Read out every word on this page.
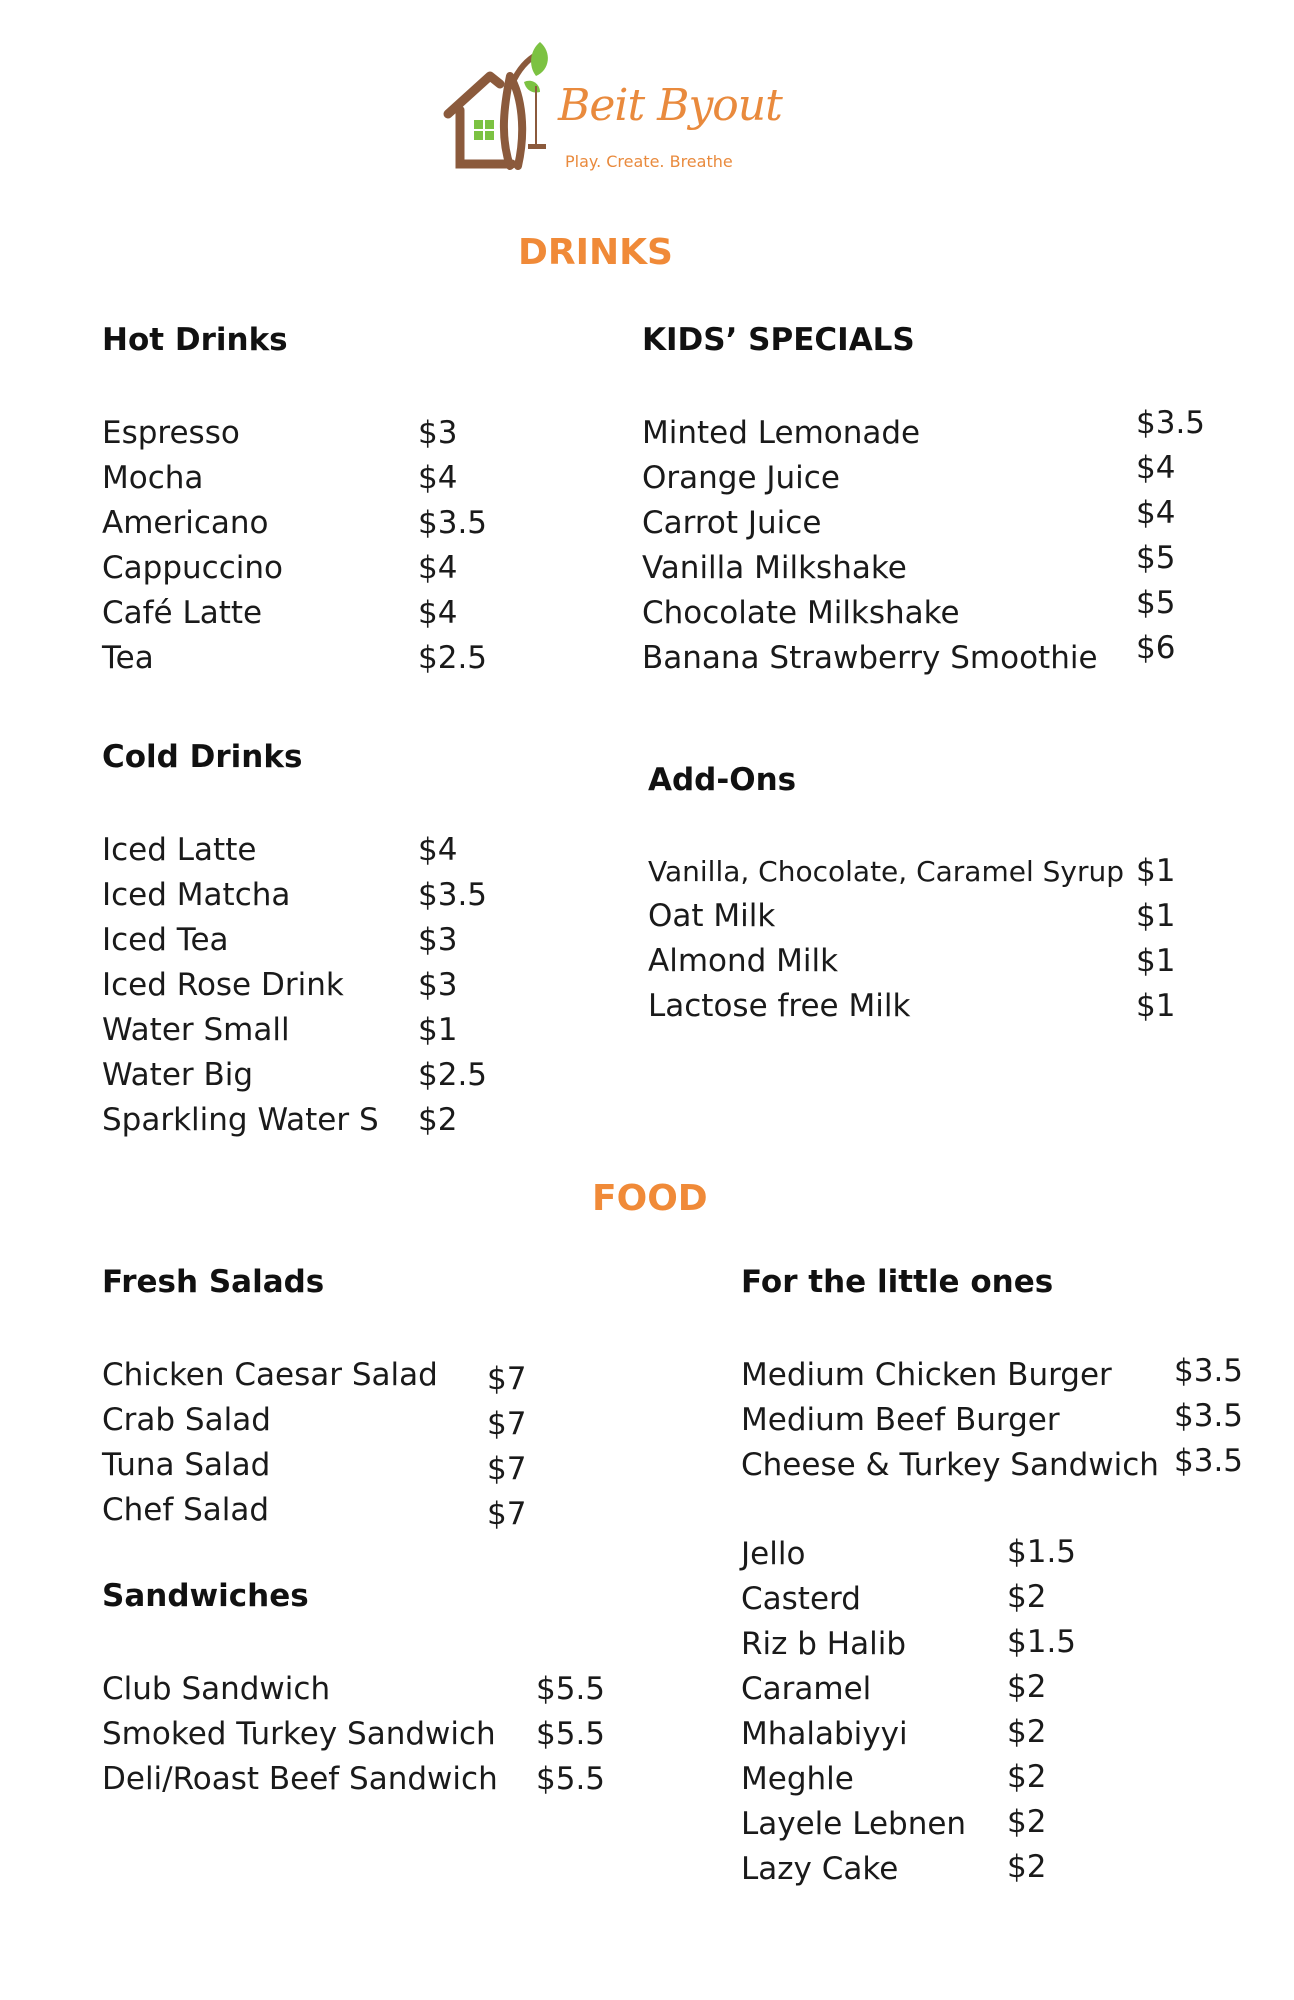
Beit Byout
Play. Create. Breathe
DRINKS
Hot Drinks
Espresso	$3
Mocha	$4
Americano	$3.5
Cappuccino	$4
Café Latte	$4
Tea	$2.5
KIDS’ SPECIALS
Minted Lemonade	$3.5
Orange Juice	$4
Carrot Juice	$4
Vanilla Milkshake	$5
Chocolate Milkshake	$5
Banana Strawberry Smoothie $6
Cold Drinks
Iced Latte	$4
Iced Matcha	$3.5
Iced Tea	$3
Iced Rose Drink $3
Water Small	$1
Water Big	$2.5
Sparkling Water S $2
Add-Ons
Vanilla, Chocolate, Caramel Syrup $1
Oat Milk	$1
Almond Milk	$1
Lactose free Milk	$1
FOOD
Fresh Salads
Chicken Caesar Salad $7
Crab Salad	$7
Tuna Salad	$7
Chef Salad	$7
Sandwiches
Club Sandwich	$5.5
Smoked Turkey Sandwich $5.5
Deli/Roast Beef Sandwich $5.5
For the little ones
Medium Chicken Burger $3.5
Medium Beef Burger	$3.5
Cheese & Turkey Sandwich $3.5
Jello	$1.5
Casterd	$2
Riz b Halib	$1.5
Caramel	$2
Mhalabiyyi	$2
Meghle	$2
Layele Lebnen $2
Lazy Cake	$2
